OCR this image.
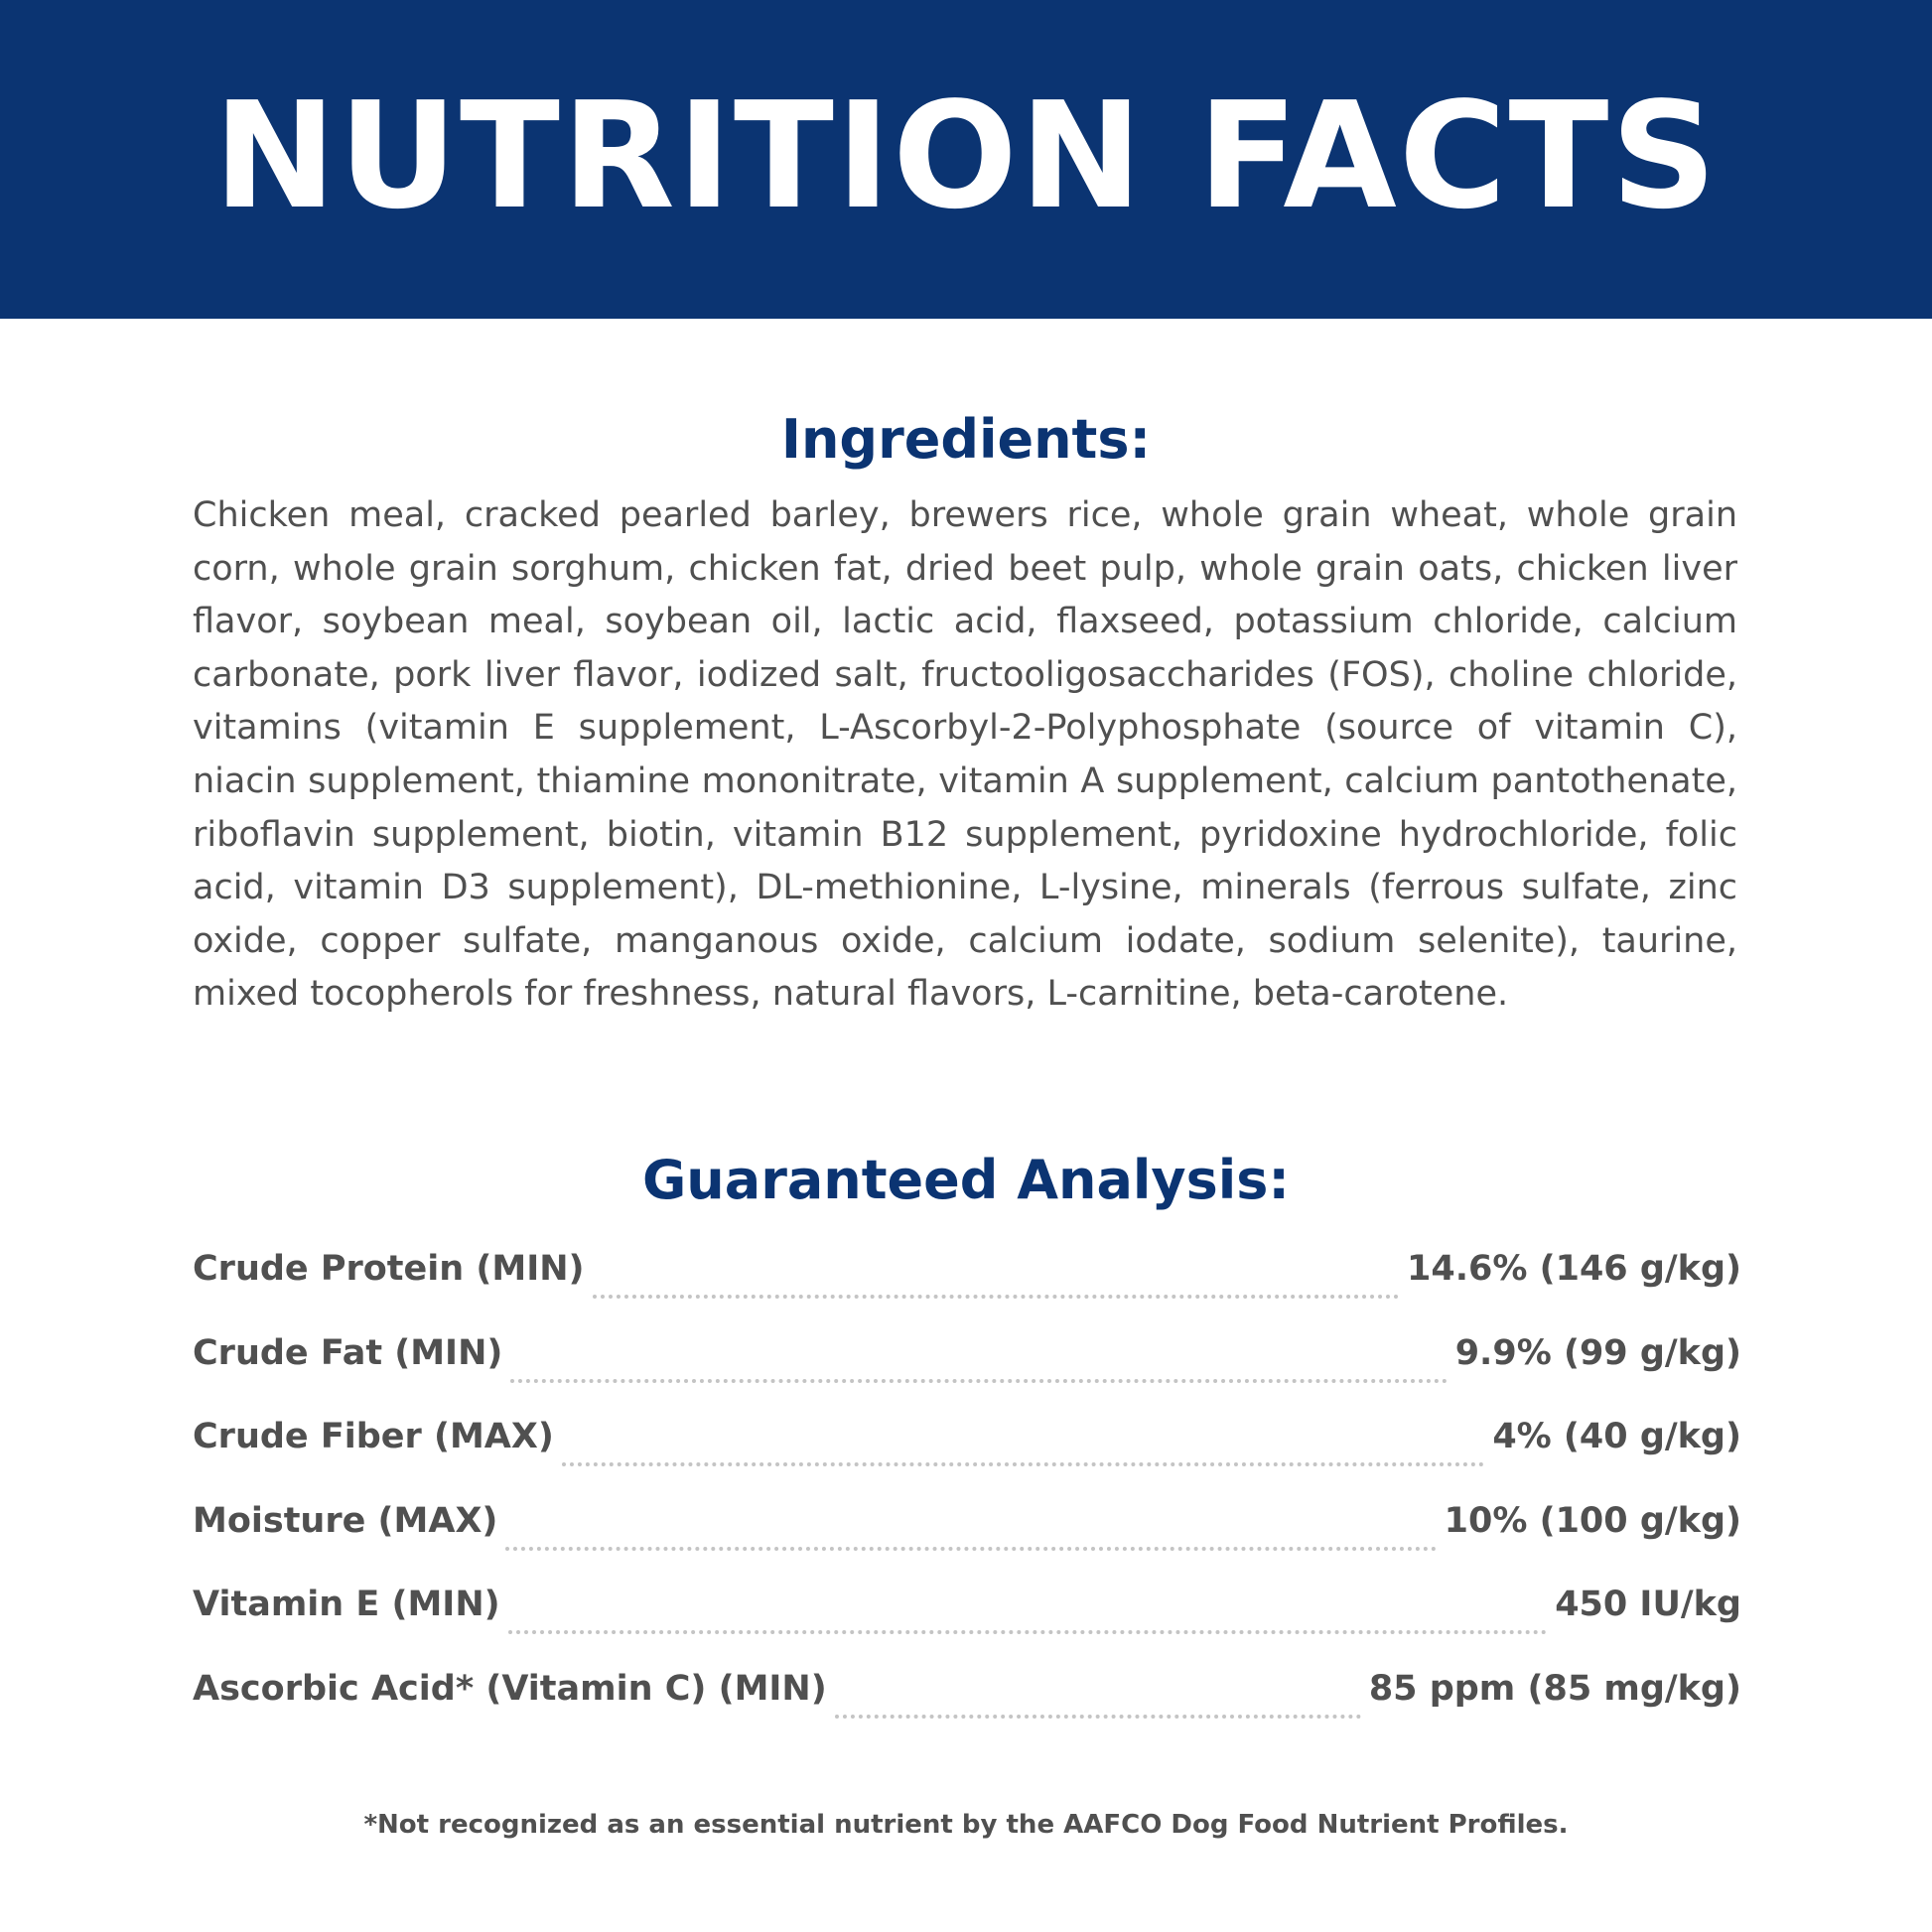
NUTRITION FACTS
Ingredients:

Chicken meal, cracked pearled barley, brewers rice, whole grain wheat, whole grain corn, whole grain sorghum, chicken fat, dried beet pulp, whole grain oats, chicken liver flavor, soybean meal, soybean oil, lactic acid, flaxseed, potassium chloride, calcium carbonate, pork liver flavor, iodized salt, fructooligosaccharides (FOS), choline chloride, vitamins (vitamin E supplement, L-Ascorbyl-2-Polyphosphate (source of vitamin C), niacin supplement, thiamine mononitrate, vitamin A supplement, calcium pantothenate, riboflavin supplement, biotin, vitamin B12 supplement, pyridoxine hydrochloride, folic acid, vitamin D3 supplement), DL-methionine, L-lysine, minerals (ferrous sulfate, zinc oxide, copper sulfate, manganous oxide, calcium iodate, sodium selenite), taurine, mixed tocopherols for freshness, natural flavors, L-carnitine, beta-carotene.

Guaranteed Analysis:
Crude Protein (MIN)	14.6% (146 g/kg)
Crude Fat (MIN)	9.9% (99 g/kg)
Crude Fiber (MAX)	4% (40 g/kg)
Moisture (MAX)	10% (100 g/kg)
Vitamin E (MIN)	450 IU/kg
Ascorbic Acid* (Vitamin C) (MIN)	85 ppm (85 mg/kg)
*Not recognized as an essential nutrient by the AAFCO Dog Food Nutrient Profiles.
